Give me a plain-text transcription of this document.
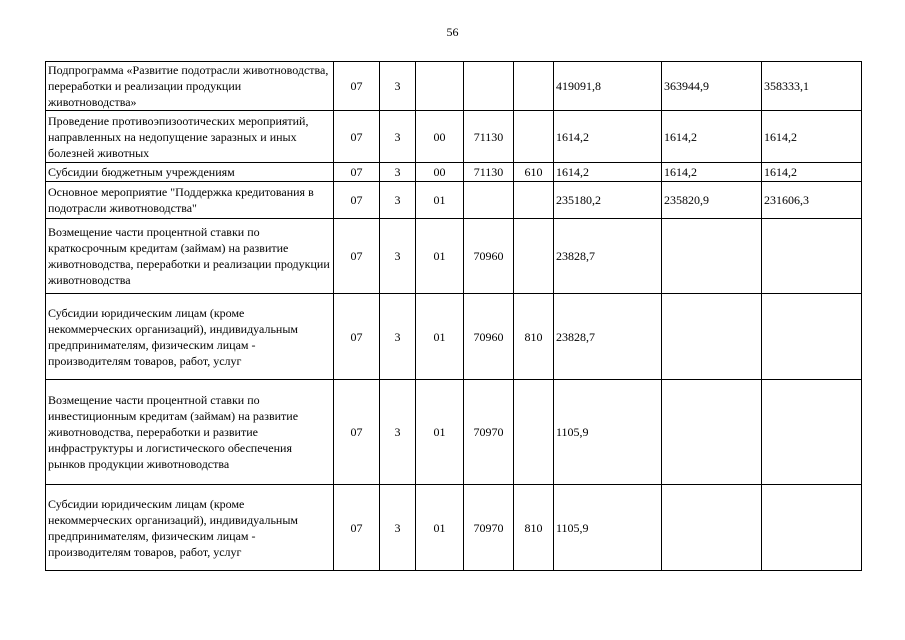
56
Подпрограмма «Развитие подотрасли животноводства, переработки и реализации продукции животноводства»	07	3				419091,8	363944,9	358333,1
Проведение противоэпизоотических мероприятий, направленных на недопущение заразных и иных болезней животных	07	3	00	71130		1614,2	1614,2	1614,2
Субсидии бюджетным учреждениям	07	3	00	71130	610	1614,2	1614,2	1614,2
Основное мероприятие "Поддержка кредитования в подотрасли животноводства"	07	3	01			235180,2	235820,9	231606,3
Возмещение части процентной ставки по краткосрочным кредитам (займам) на развитие животноводства, переработки и реализации продукции животноводства	07	3	01	70960		23828,7		
Субсидии юридическим лицам (кроме некоммерческих организаций), индивидуальным предпринимателям, физическим лицам - производителям товаров, работ, услуг	07	3	01	70960	810	23828,7		
Возмещение части процентной ставки по инвестиционным кредитам (займам) на развитие животноводства, переработки и развитие инфраструктуры и логистического обеспечения рынков продукции животноводства	07	3	01	70970		1105,9		
Субсидии юридическим лицам (кроме некоммерческих организаций), индивидуальным предпринимателям, физическим лицам - производителям товаров, работ, услуг	07	3	01	70970	810	1105,9		
